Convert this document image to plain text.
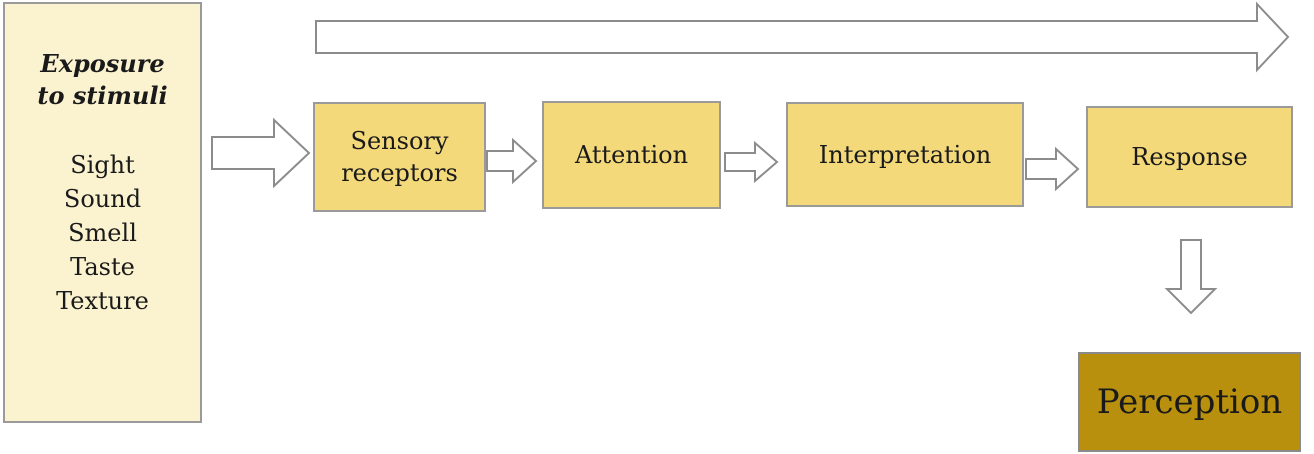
Exposure
to stimuli
Sight
Sound
Smell
Taste
Texture
Sensory
receptors
Attention	Interpretation	Response
Perception
